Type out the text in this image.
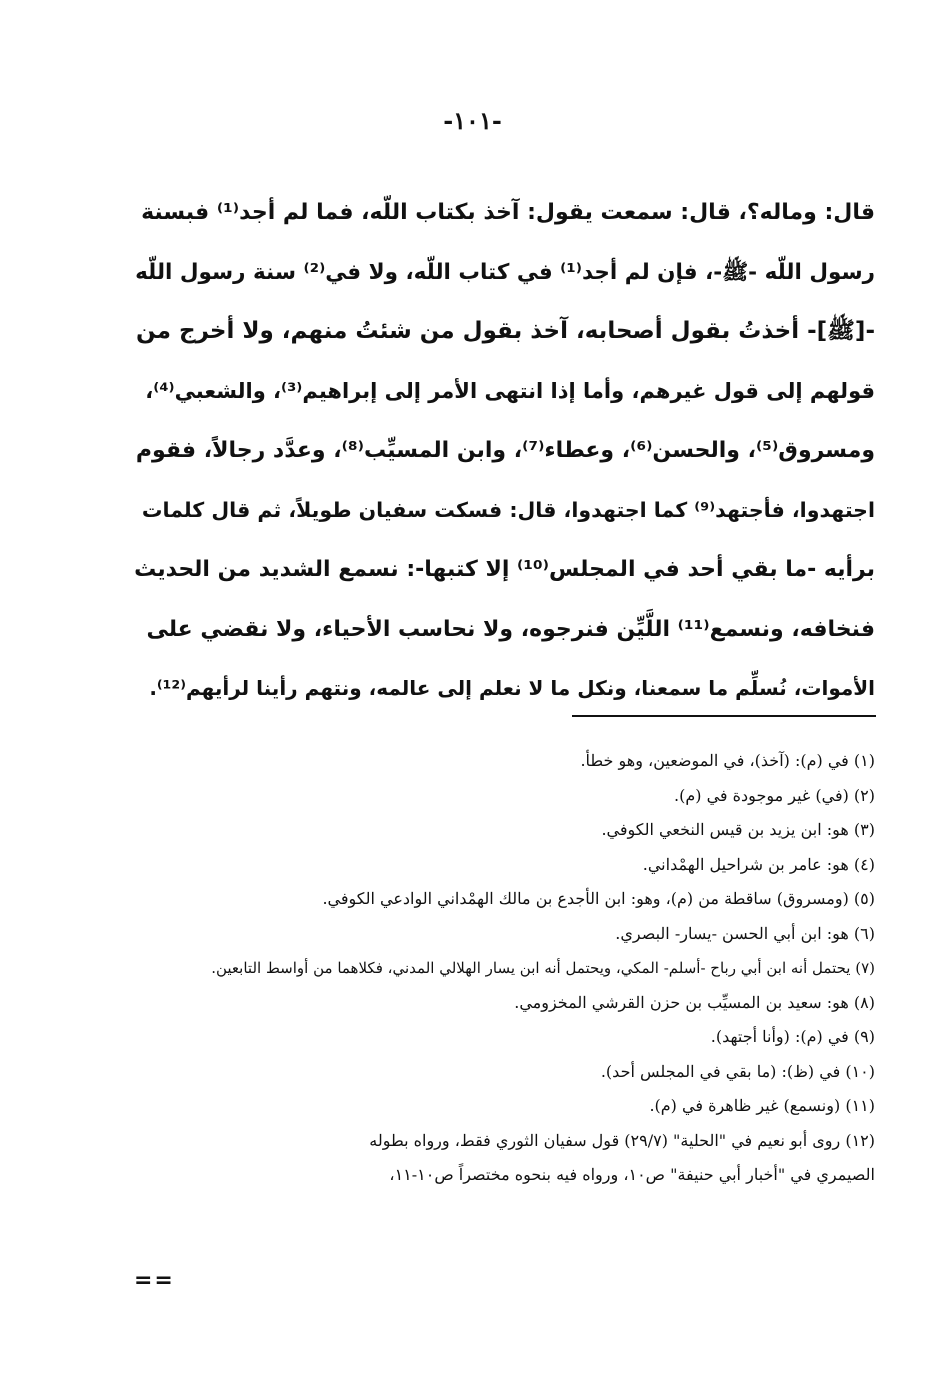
-١٠١-
قال: وماله؟، قال: سمعت يقول: آخذ بكتاب اللّه، فما لم أجد⁽¹⁾ فبسنة
رسول اللّه -ﷺ-، فإن لم أجد⁽¹⁾ في كتاب اللّه، ولا في⁽²⁾ سنة رسول اللّه
-[ﷺ]- أخذتُ بقول أصحابه، آخذ بقول من شئتُ منهم، ولا أخرج من
قولهم إلى قول غيرهم، وأما إذا انتهى الأمر إلى إبراهيم⁽³⁾، والشعبي⁽⁴⁾،
ومسروق⁽⁵⁾، والحسن⁽⁶⁾، وعطاء⁽⁷⁾، وابن المسيِّب⁽⁸⁾، وعدَّد رجالاً، فقوم
اجتهدوا، فأجتهد⁽⁹⁾ كما اجتهدوا، قال: فسكت سفيان طويلاً، ثم قال كلمات
برأيه -ما بقي أحد في المجلس⁽¹⁰⁾ إلا كتبها-: نسمع الشديد من الحديث
فنخافه، ونسمع⁽¹¹⁾ اللَّيِّن فنرجوه، ولا نحاسب الأحياء، ولا نقضي على
الأموات، نُسلِّم ما سمعنا، ونكل ما لا نعلم إلى عالمه، ونتهم رأينا لرأيهم⁽¹²⁾.
(١) في (م): (آخذ)، في الموضعين، وهو خطأ.
(٢) (في) غير موجودة في (م).
(٣) هو: ابن يزيد بن قيس النخعي الكوفي.
(٤) هو: عامر بن شراحيل الهمْداني.
(٥) (ومسروق) ساقطة من (م)، وهو: ابن الأجدع بن مالك الهمْداني الوادعي الكوفي.
(٦) هو: ابن أبي الحسن -يسار- البصري.
(٧) يحتمل أنه ابن أبي رباح -أسلم- المكي، ويحتمل أنه ابن يسار الهلالي المدني، فكلاهما من أواسط التابعين.
(٨) هو: سعيد بن المسيِّب بن حزن القرشي المخزومي.
(٩) في (م): (وأنا أجتهد).
(١٠) في (ظ): (ما بقي في المجلس أحد).
(١١) (ونسمع) غير ظاهرة في (م).
(١٢) روى أبو نعيم في "الحلية" (٢٩/٧) قول سفيان الثوري فقط، ورواه بطوله
الصيمري في "أخبار أبي حنيفة" ص١٠، ورواه فيه بنحوه مختصراً ص١٠-١١،
==
